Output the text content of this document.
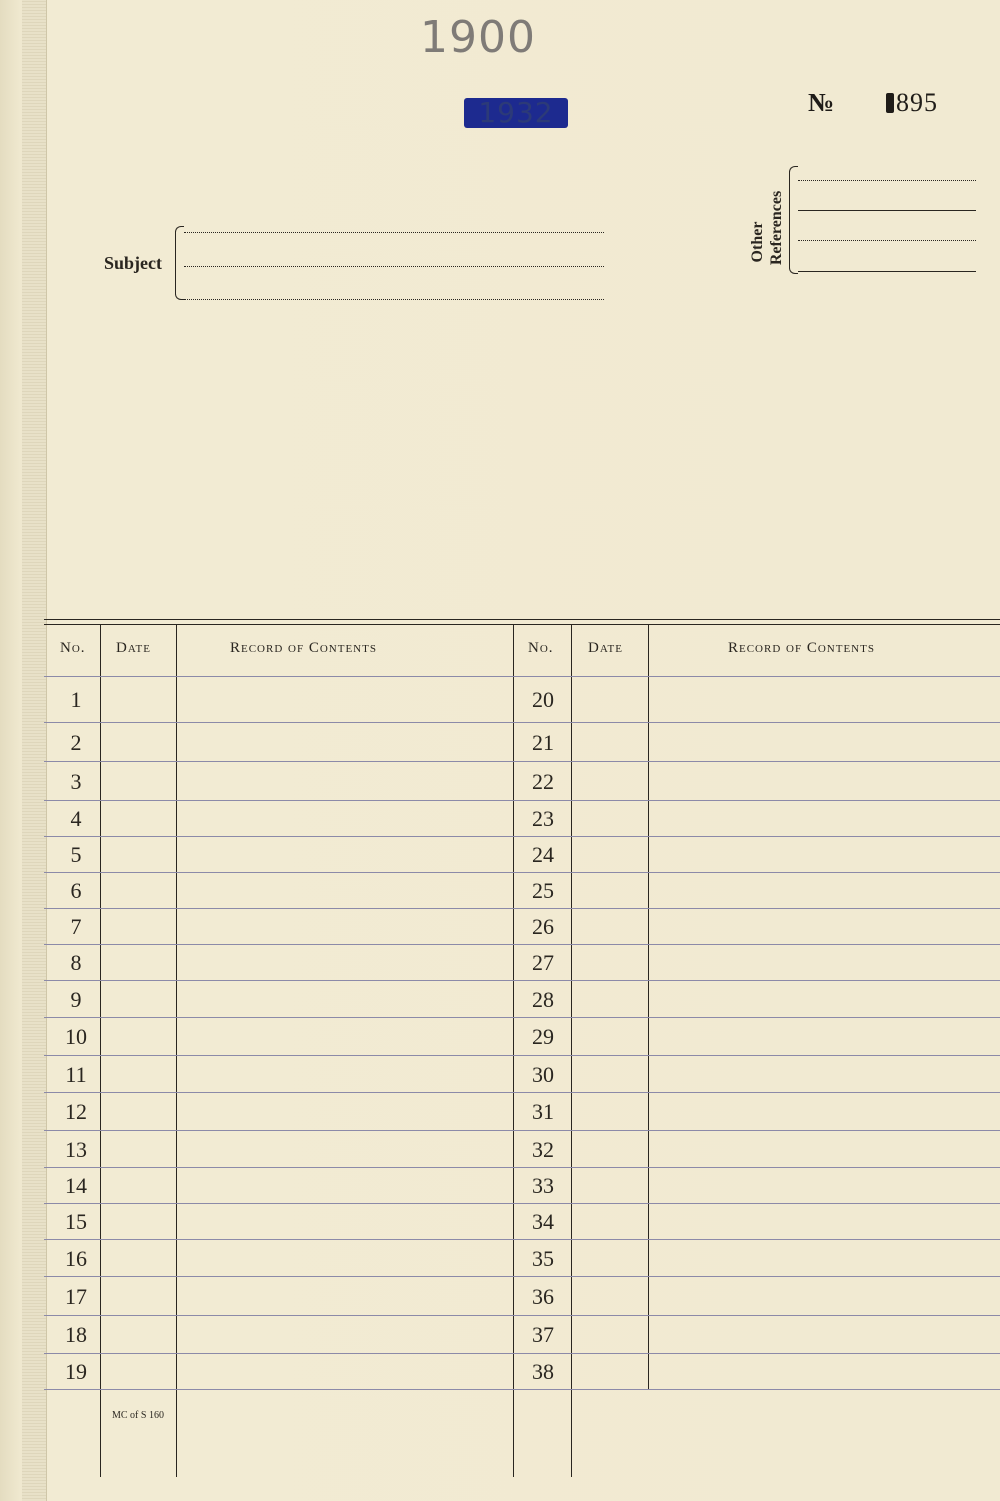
1900
1932	№	895
Subject
Other References
No. Date	Record of Contents	No. Date	Record of Contents
1	20
2	21
3	22
4	23
5	24
6	25
7	26
8	27
9	28
10	29
11	30
12	31
13	32
14	33
15	34
16	35
17	36
18	37
19	38
MC of S 160
